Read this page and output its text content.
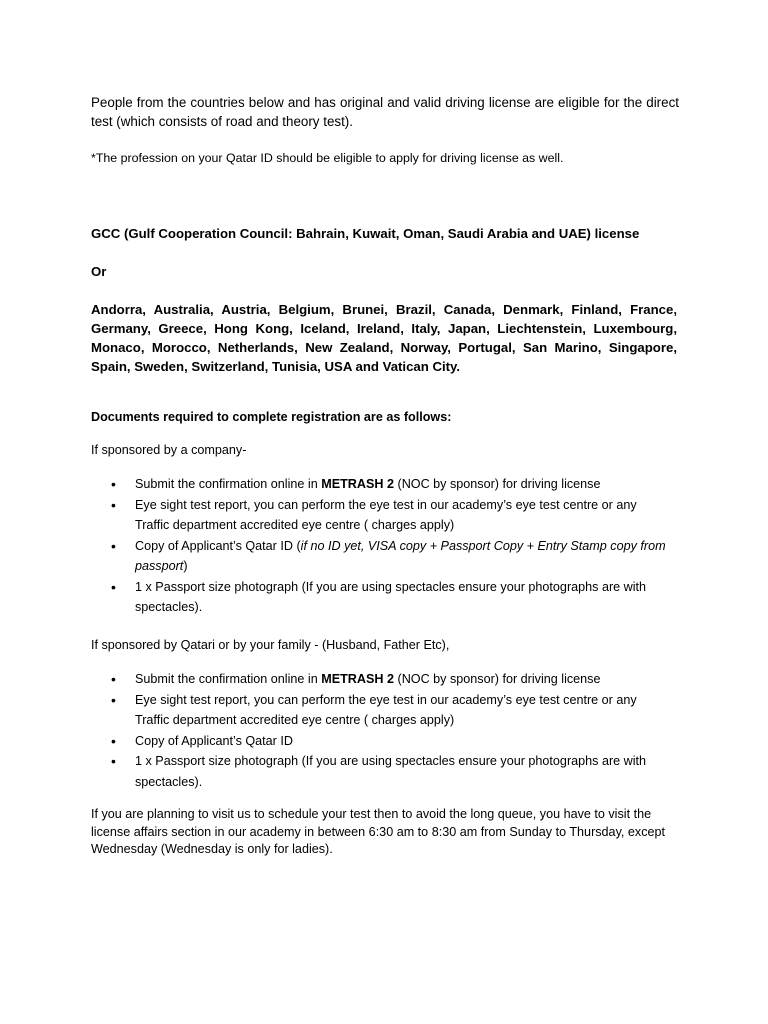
People from the countries below and has original and valid driving license are eligible for the direct test (which consists of road and theory test).

*The profession on your Qatar ID should be eligible to apply for driving license as well.

GCC (Gulf Cooperation Council: Bahrain, Kuwait, Oman, Saudi Arabia and UAE) license

Or

Andorra, Australia, Austria, Belgium, Brunei, Brazil, Canada, Denmark, Finland, France, Germany, Greece, Hong Kong, Iceland, Ireland, Italy, Japan, Liechtenstein, Luxembourg, Monaco, Morocco, Netherlands, New Zealand, Norway, Portugal, San Marino, Singapore, Spain, Sweden, Switzerland, Tunisia, USA and Vatican City.

Documents required to complete registration are as follows:

If sponsored by a company-

• Submit the confirmation online in METRASH 2 (NOC by sponsor) for driving license
• Eye sight test report, you can perform the eye test in our academy’s eye test centre or any Traffic department accredited eye centre ( charges apply)
• Copy of Applicant’s Qatar ID (if no ID yet, VISA copy + Passport Copy + Entry Stamp copy from passport)
• 1 x Passport size photograph (If you are using spectacles ensure your photographs are with spectacles).

If sponsored by Qatari or by your family - (Husband, Father Etc),

• Submit the confirmation online in METRASH 2 (NOC by sponsor) for driving license
• Eye sight test report, you can perform the eye test in our academy’s eye test centre or any Traffic department accredited eye centre ( charges apply)
• Copy of Applicant’s Qatar ID
• 1 x Passport size photograph (If you are using spectacles ensure your photographs are with spectacles).

If you are planning to visit us to schedule your test then to avoid the long queue, you have to visit the license affairs section in our academy in between 6:30 am to 8:30 am from Sunday to Thursday, except Wednesday (Wednesday is only for ladies).
